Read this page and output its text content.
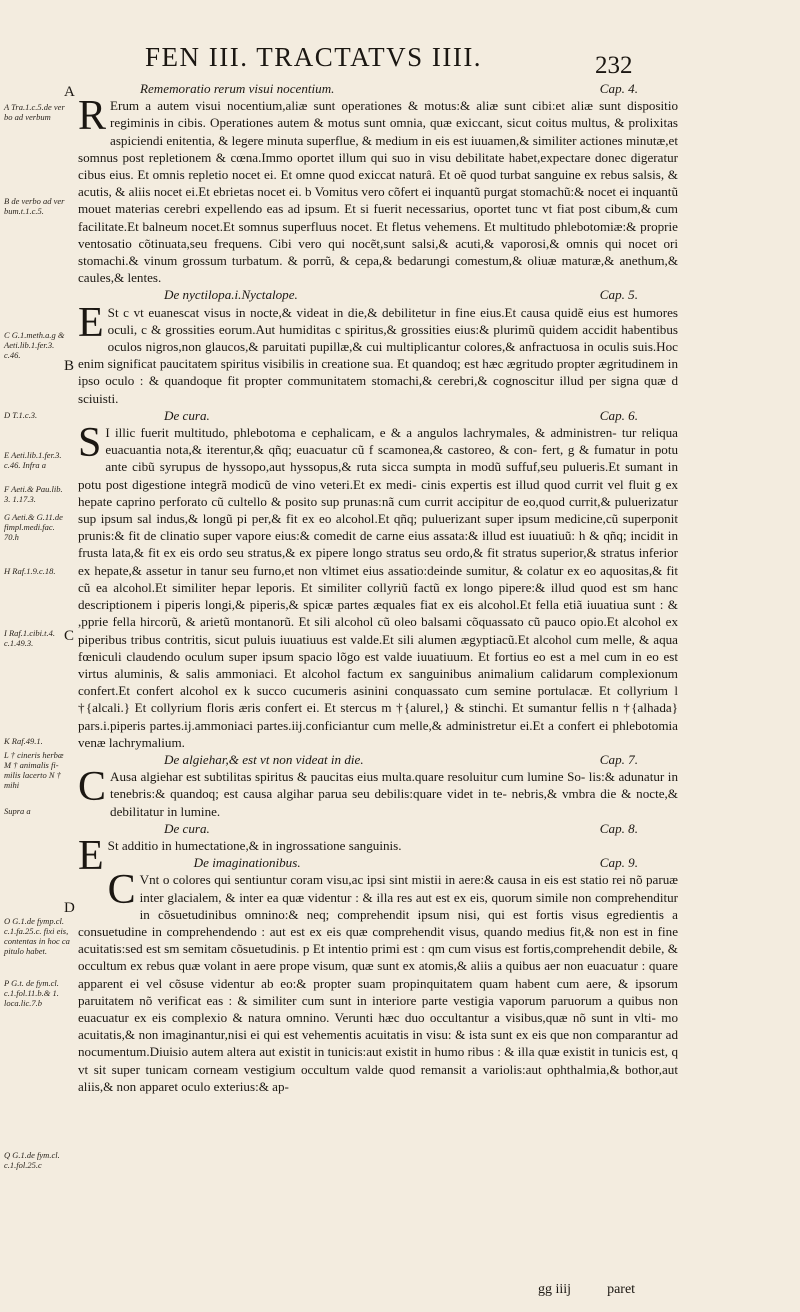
FEN III. TRACTATVS IIII.	232
A
B
C
D
A Tra.1.c.5.de ver bo ad verbum
B de verbo ad ver bum.t.1.c.5.
C G.1.meth.a.g & Aeti.lib.1.fer.3. c.46.
D T.1.c.3.
E Aeti.lib.1.fer.3. c.46. Infra a
F Aeti.& Pau.lib. 3. 1.17.3.
G Aeti.& G.11.de fimpl.medi.fac. 70.h
H Raf.1.9.c.18.
I Raf.1.cibi.t.4. c.1.49.3.
K Raf.49.1.
L † cineris herbæ M † animalis fi- milis lacerto N † mihi
Supra a
O G.1.de fymp.cl. c.1.fa.25.c. fixi eis, contentas in hoc ca pitulo habet.
P G.t. de fym.cl. c.1.fol.11.b.& 1. loca.lic.7.b
Q G.1.de fym.cl. c.1.fol.25.c
Rememoratio rerum visui nocentium.	Cap. 4.

R Erum a autem visui nocentium,aliæ sunt operationes & motus:& aliæ sunt cibi:et aliæ sunt dispositio regiminis in cibis. Operationes autem & motus sunt omnia, quæ exiccant, sicut coitus multus, & prolixitas aspiciendi enitentia, & legere minuta superflue, & medium in eis est iuuamen,& similiter actiones minutæ,et somnus post repletionem & cœna.Immo oportet illum qui suo in visu debilitate habet,expectare donec digeratur cibus eius. Et omnis repletio nocet ei. Et omne quod exiccat naturâ. Et oẽ quod turbat sanguine ex rebus salsis, & acutis, & aliis nocet ei.Et ebrietas nocet ei. b Vomitus vero cõfert ei inquantũ purgat stomachũ:& nocet ei inquantũ mouet materias cerebri expellendo eas ad ipsum. Et si fuerit necessarius, oportet tunc vt fiat post cibum,& cum facilitate.Et balneum nocet.Et somnus superfluus nocet. Et fletus vehemens. Et multitudo phlebotomiæ:& proprie ventosatio cõtinuata,seu frequens. Cibi vero qui nocẽt,sunt salsi,& acuti,& vaporosi,& omnis qui nocet ori stomachi.& vinum grossum turbatum. & porrũ, & cepa,& bedarungi comestum,& oliuæ maturæ,& anethum,& caules,& lentes.

De nyctilopa.i.Nyctalope.	Cap. 5.

E St c vt euanescat visus in nocte,& videat in die,& debilitetur in fine eius.Et causa quidẽ eius est humores oculi, c & grossities eorum.Aut humiditas c spiritus,& grossities eius:& plurimũ quidem accidit habentibus oculos nigros,non glaucos,& paruitati pupillæ,& cui multiplicantur colores,& anfractuosa in oculis suis.Hoc enim significat paucitatem spiritus visibilis in creatione sua. Et quandoq; est hæc ægritudo propter ægritudinem in ipso oculo : & quandoque fit propter communitatem stomachi,& cerebri,& cognoscitur illud per signa quæ d sciuisti.

De cura.	Cap. 6.

S I illic fuerit multitudo, phlebotoma e cephalicam, e & a angulos lachrymales, & administren- tur reliqua euacuantia nota,& iterentur,& qñq; euacuatur cũ f scamonea,& castoreo, & con- fert, g & fumatur in potu ante cibũ syrupus de hyssopo,aut hyssopus,& ruta sicca sumpta in modũ suffuf,seu pulueris.Et sumant in potu post digestione integrã modicũ de vino veteri.Et ex medi- cinis expertis est illud quod currit vel fluit g ex hepate caprino perforato cũ cultello & posito sup prunas:nã cum currit accipitur de eo,quod currit,& puluerizatur sup ipsum sal indus,& longũ pi per,& fit ex eo alcohol.Et qñq; puluerizant super ipsum medicine,cũ superponit prunis:& fit de clinatio super vapore eius:& comedit de carne eius assata:& illud est iuuatiuũ: h & qñq; incidit in frusta lata,& fit ex eis ordo seu stratus,& ex pipere longo stratus seu ordo,& fit stratus superior,& stratus inferior ex hepate,& assetur in tanur seu furno,et non vltimet eius assatio:deinde sumitur, & colatur ex eo aquositas,& fit cũ ea alcohol.Et similiter hepar leporis. Et similiter collyriũ factũ ex longo pipere:& illud quod est sm hanc descriptionem i piperis longi,& piperis,& spicæ partes æquales fiat ex eis alcohol.Et fella etiã iuuatiua sunt : & ,pprie fella hircorũ, & arietũ montanorũ. Et sili alcohol cũ oleo balsami cõquassato cũ pauco opio.Et alcohol ex piperibus tribus contritis, sicut puluis iuuatiuus est valde.Et sili alumen ægyptiacũ.Et alcohol cum melle, & aqua fœniculi claudendo oculum super ipsum spacio lõgo est valde iuuatiuum. Et fortius eo est a mel cum in eo est virtus aluminis, & salis ammoniaci. Et alcohol factum ex sanguinibus animalium calidarum complexionum confert.Et confert alcohol ex k succo cucumeris asinini conquassato cum semine portulacæ. Et collyrium l †{alcali.} Et collyrium floris æris confert ei. Et stercus m †{alurel,} & stinchi. Et sumantur fellis n †{alhada} pars.i.piperis partes.ij.ammoniaci partes.iij.conficiantur cum melle,& administretur ei.Et a confert ei phlebotomia venæ lachrymalium.

De algiehar,& est vt non videat in die.	Cap. 7.

C Ausa algiehar est subtilitas spiritus & paucitas eius multa.quare resoluitur cum lumine So- lis:& adunatur in tenebris:& quandoq; est causa algihar parua seu debilis:quare videt in te- nebris,& vmbra die & nocte,& debilitatur in lumine.

De cura.	Cap. 8.

E St additio in humectatione,& in ingrossatione sanguinis.

De imaginationibus.	Cap. 9.

C Vnt o colores qui sentiuntur coram visu,ac ipsi sint mistii in aere:& causa in eis est statio rei nõ paruæ inter glacialem, & inter ea quæ videntur : & illa res aut est ex eis, quorum simile non comprehenditur in cõsuetudinibus omnino:& neq; comprehendit ipsum nisi, qui est fortis visus egredientis a consuetudine in comprehendendo : aut est ex eis quæ comprehendit visus, quando medius fit,& non est in fine acuitatis:sed est sm semitam cõsuetudinis. p Et intentio primi est : qm cum visus est fortis,comprehendit debile, & occultum ex rebus quæ volant in aere prope visum, quæ sunt ex atomis,& aliis a quibus aer non euacuatur : quare apparent ei vel cõsuse videntur ab eo:& propter suam propinquitatem quam habent cum aere, & ipsorum paruitatem nõ verificat eas : & similiter cum sunt in interiore parte vestigia vaporum paruorum a quibus non euacuatur ex eis complexio & natura omnino. Verunti hæc duo occultantur a visibus,quæ nõ sunt in vlti- mo acuitatis,& non imaginantur,nisi ei qui est vehementis acuitatis in visu: & ista sunt ex eis que non comparantur ad nocumentum.Diuisio autem altera aut existit in tunicis:aut existit in humo ribus : & illa quæ existit in tunicis est, q vt sit super tunicam corneam vestigium occultum valde quod remansit a variolis:aut ophthalmia,& bothor,aut aliis,& non apparet oculo exterius:& ap-

gg iiij	paret
